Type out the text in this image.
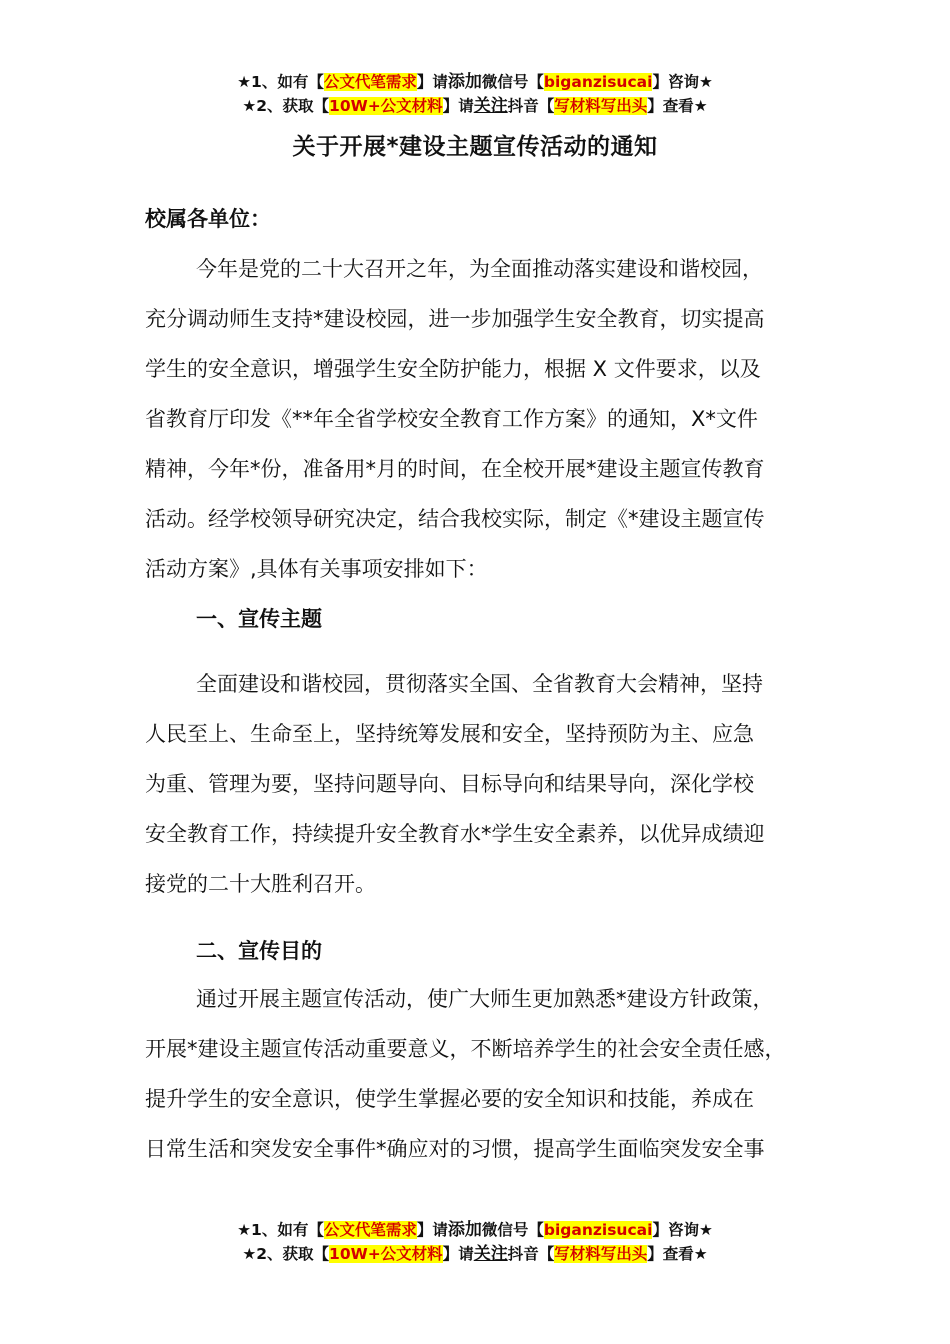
★1、如有【公文代笔需求】请添加微信号【biganzisucai】咨询★
★2、获取【10W+公文材料】请关注抖音【写材料写出头】查看★
关于开展*建设主题宣传活动的通知
校属各单位：
今年是党的二十大召开之年，为全面推动落实建设和谐校园，
充分调动师生支持*建设校园，进一步加强学生安全教育，切实提高
学生的安全意识，增强学生安全防护能力，根据 X 文件要求，以及
省教育厅印发《**年全省学校安全教育工作方案》的通知，X*文件
精神，今年*份，准备用*月的时间，在全校开展*建设主题宣传教育
活动。经学校领导研究决定，结合我校实际，制定《*建设主题宣传
活动方案》,具体有关事项安排如下：
一、宣传主题
全面建设和谐校园，贯彻落实全国、全省教育大会精神，坚持
人民至上、生命至上，坚持统筹发展和安全，坚持预防为主、应急
为重、管理为要，坚持问题导向、目标导向和结果导向，深化学校
安全教育工作，持续提升安全教育水*学生安全素养，以优异成绩迎
接党的二十大胜利召开。
二、宣传目的
通过开展主题宣传活动，使广大师生更加熟悉*建设方针政策，
开展*建设主题宣传活动重要意义，不断培养学生的社会安全责任感，
提升学生的安全意识，使学生掌握必要的安全知识和技能，养成在
日常生活和突发安全事件*确应对的习惯，提高学生面临突发安全事
★1、如有【公文代笔需求】请添加微信号【biganzisucai】咨询★
★2、获取【10W+公文材料】请关注抖音【写材料写出头】查看★
